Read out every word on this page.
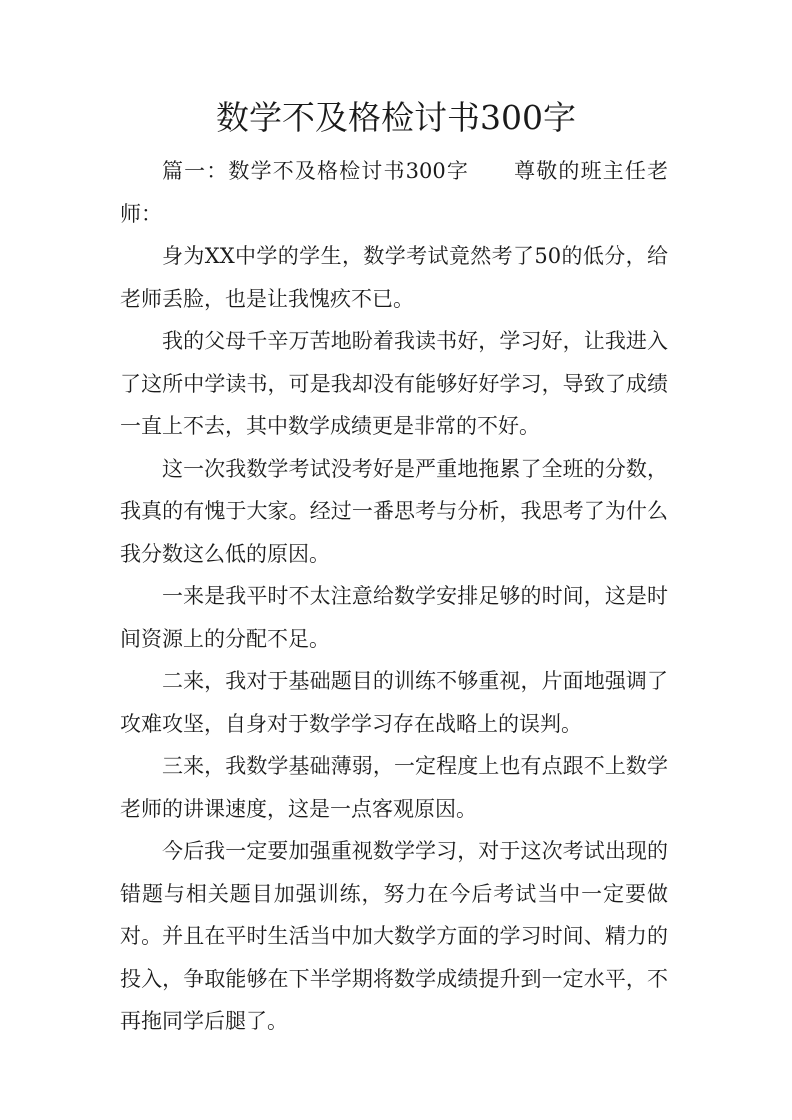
数学不及格检讨书300字

篇一：数学不及格检讨书300字 尊敬的班主任老师：

身为XX中学的学生，数学考试竟然考了50的低分，给老师丢脸，也是让我愧疚不已。

我的父母千辛万苦地盼着我读书好，学习好，让我进入了这所中学读书，可是我却没有能够好好学习，导致了成绩一直上不去，其中数学成绩更是非常的不好。

这一次我数学考试没考好是严重地拖累了全班的分数，我真的有愧于大家。经过一番思考与分析，我思考了为什么我分数这么低的原因。

一来是我平时不太注意给数学安排足够的时间，这是时间资源上的分配不足。

二来，我对于基础题目的训练不够重视，片面地强调了攻难攻坚，自身对于数学学习存在战略上的误判。

三来，我数学基础薄弱，一定程度上也有点跟不上数学老师的讲课速度，这是一点客观原因。

今后我一定要加强重视数学学习，对于这次考试出现的错题与相关题目加强训练，努力在今后考试当中一定要做对。并且在平时生活当中加大数学方面的学习时间、精力的投入，争取能够在下半学期将数学成绩提升到一定水平，不再拖同学后腿了。
